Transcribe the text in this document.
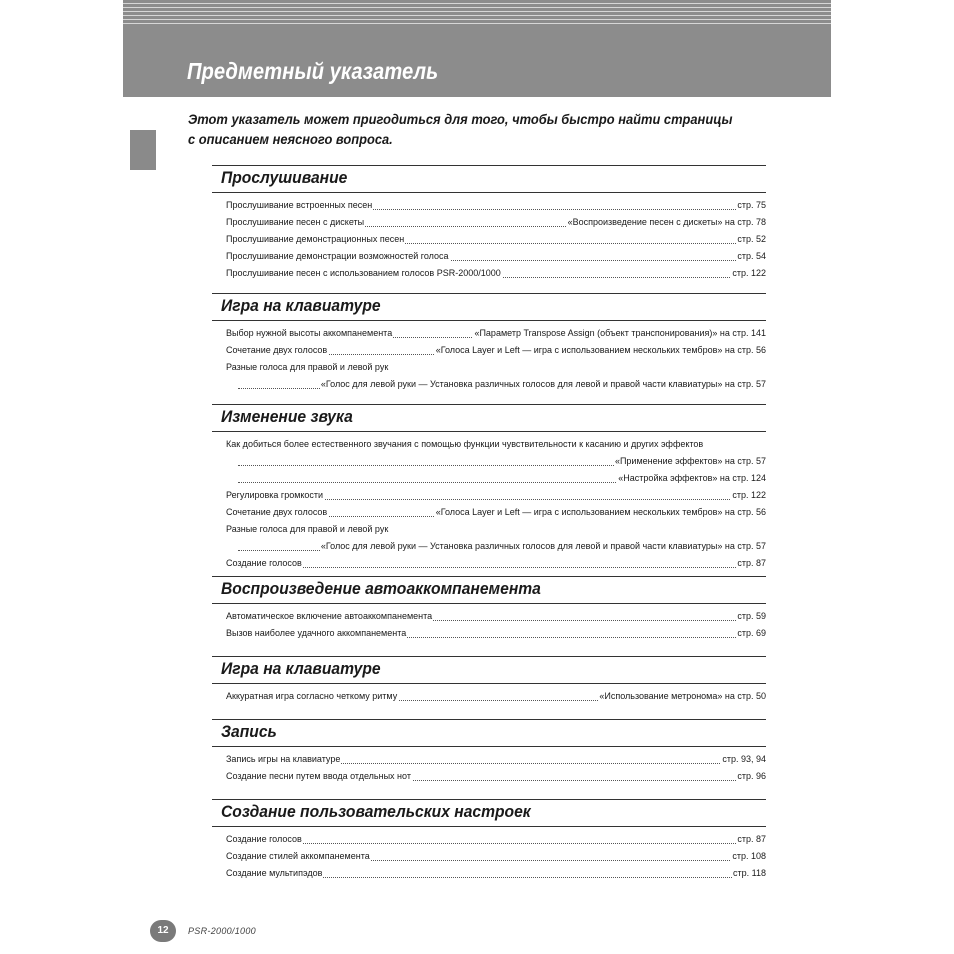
Предметный указатель

Этот указатель может пригодиться для того, чтобы быстро найти страницы с описанием неясного вопроса.

Прослушивание
Прослушивание встроенных песен	стр. 75
Прослушивание песен с дискеты	«Воспроизведение песен с дискеты» на стр. 78
Прослушивание демонстрационных песен	стр. 52
Прослушивание демонстрации возможностей голоса	стр. 54
Прослушивание песен с использованием голосов PSR-2000/1000	стр. 122
Игра на клавиатуре
Выбор нужной высоты аккомпанемента	«Параметр Transpose Assign (объект транспонирования)» на стр. 141
Сочетание двух голосов	«Голоса Layer и Left — игра с использованием нескольких тембров» на стр. 56
Разные голоса для правой и левой рук
«Голос для левой руки — Установка различных голосов для левой и правой части клавиатуры» на стр. 57
Изменение звука
Как добиться более естественного звучания с помощью функции чувствительности к касанию и других эффектов
«Применение эффектов» на стр. 57
«Настройка эффектов» на стр. 124
Регулировка громкости	стр. 122
Сочетание двух голосов	«Голоса Layer и Left — игра с использованием нескольких тембров» на стр. 56
Разные голоса для правой и левой рук
«Голос для левой руки — Установка различных голосов для левой и правой части клавиатуры» на стр. 57
Создание голосов	стр. 87
Воспроизведение автоаккомпанемента
Автоматическое включение автоаккомпанемента	стр. 59
Вызов наиболее удачного аккомпанемента	стр. 69
Игра на клавиатуре
Аккуратная игра согласно четкому ритму	«Использование метронома» на стр. 50
Запись
Запись игры на клавиатуре	стр. 93, 94
Создание песни путем ввода отдельных нот	стр. 96
Создание пользовательских настроек
Создание голосов	стр. 87
Создание стилей аккомпанемента	стр. 108
Создание мультипэдов	стр. 118
12	PSR-2000/1000
